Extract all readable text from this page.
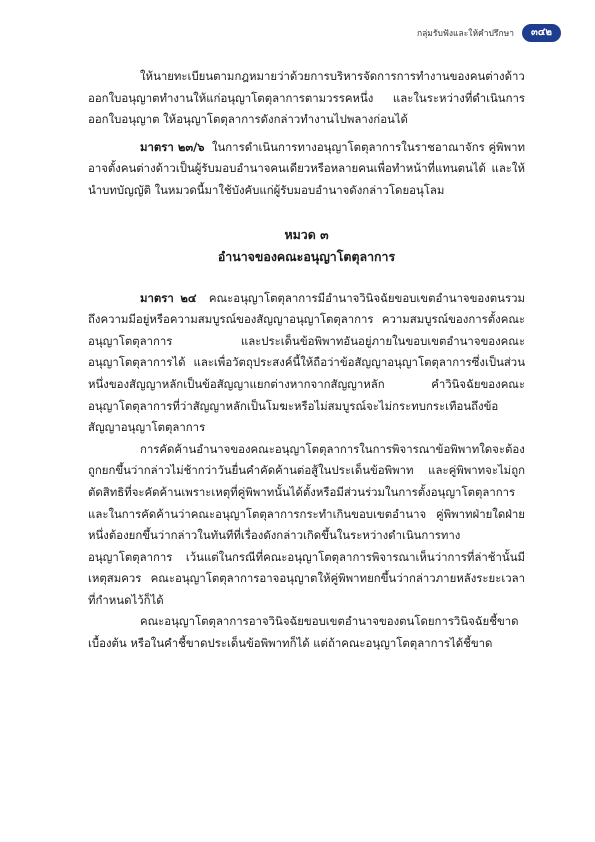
กลุ่มรับฟังและให้คำปรึกษา	๓๔๒

ให้นายทะเบียนตามกฎหมายว่าด้วยการบริหารจัดการการทำงานของคนต่างด้าวออกใบอนุญาตทำงานให้แก่อนุญาโตตุลาการตามวรรคหนึ่ง และในระหว่างที่ดำเนินการออกใบอนุญาต ให้อนุญาโตตุลาการดังกล่าวทำงานไปพลางก่อนได้

มาตรา ๒๓/๖ ในการดำเนินการทางอนุญาโตตุลาการในราชอาณาจักร คู่พิพาทอาจตั้งคนต่างด้าวเป็นผู้รับมอบอำนาจคนเดียวหรือหลายคนเพื่อทำหน้าที่แทนตนได้ และให้นำบทบัญญัติ ในหมวดนี้มาใช้บังคับแก่ผู้รับมอบอำนาจดังกล่าวโดยอนุโลม

หมวด ๓
อำนาจของคณะอนุญาโตตุลาการ

มาตรา ๒๔ คณะอนุญาโตตุลาการมีอำนาจวินิจฉัยขอบเขตอำนาจของตนรวมถึงความมีอยู่หรือความสมบูรณ์ของสัญญาอนุญาโตตุลาการ ความสมบูรณ์ของการตั้งคณะอนุญาโตตุลาการ และประเด็นข้อพิพาทอันอยู่ภายในขอบเขตอำนาจของคณะอนุญาโตตุลาการได้ และเพื่อวัตถุประสงค์นี้ให้ถือว่าข้อสัญญาอนุญาโตตุลาการซึ่งเป็นส่วนหนึ่งของสัญญาหลักเป็นข้อสัญญาแยกต่างหากจากสัญญาหลัก คำวินิจฉัยของคณะอนุญาโตตุลาการที่ว่าสัญญาหลักเป็นโมฆะหรือไม่สมบูรณ์จะไม่กระทบกระเทือนถึงข้อสัญญาอนุญาโตตุลาการ

การคัดค้านอำนาจของคณะอนุญาโตตุลาการในการพิจารณาข้อพิพาทใดจะต้องถูกยกขึ้นว่ากล่าวไม่ช้ากว่าวันยื่นคำคัดค้านต่อสู้ในประเด็นข้อพิพาท และคู่พิพาทจะไม่ถูกตัดสิทธิที่จะคัดค้านเพราะเหตุที่คู่พิพาทนั้นได้ตั้งหรือมีส่วนร่วมในการตั้งอนุญาโตตุลาการ และในการคัดค้านว่าคณะอนุญาโตตุลาการกระทำเกินขอบเขตอำนาจ คู่พิพาทฝ่ายใดฝ่ายหนึ่งต้องยกขึ้นว่ากล่าวในทันทีที่เรื่องดังกล่าวเกิดขึ้นในระหว่างดำเนินการทางอนุญาโตตุลาการ เว้นแต่ในกรณีที่คณะอนุญาโตตุลาการพิจารณาเห็นว่าการที่ล่าช้านั้นมีเหตุสมควร คณะอนุญาโตตุลาการอาจอนุญาตให้คู่พิพาทยกขึ้นว่ากล่าวภายหลังระยะเวลาที่กำหนดไว้ก็ได้

คณะอนุญาโตตุลาการอาจวินิจฉัยขอบเขตอำนาจของตนโดยการวินิจฉัยชี้ขาดเบื้องต้น หรือในคำชี้ขาดประเด็นข้อพิพาทก็ได้ แต่ถ้าคณะอนุญาโตตุลาการได้ชี้ขาด
